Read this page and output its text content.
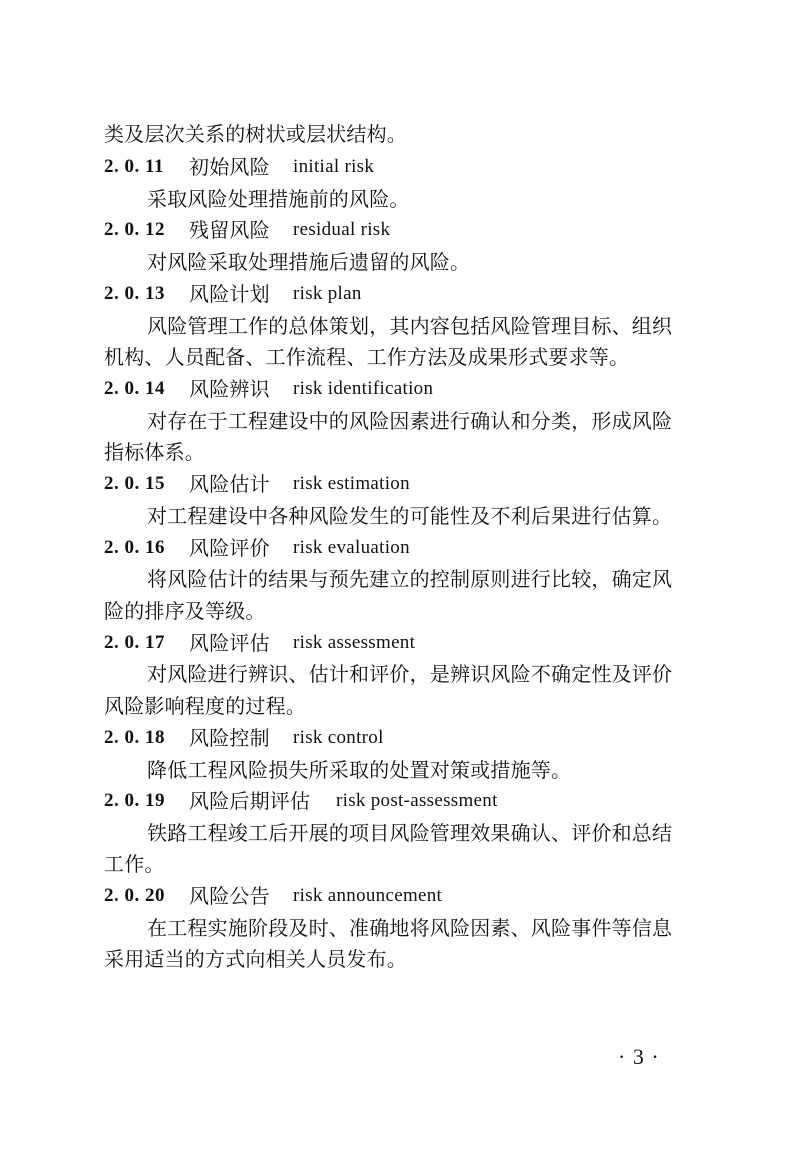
类及层次关系的树状或层状结构。
2. 0. 11 初始风险 initial risk
采取风险处理措施前的风险。
2. 0. 12 残留风险 residual risk
对风险采取处理措施后遗留的风险。
2. 0. 13 风险计划 risk plan
风险管理工作的总体策划，其内容包括风险管理目标、组织
机构、人员配备、工作流程、工作方法及成果形式要求等。
2. 0. 14 风险辨识 risk identification
对存在于工程建设中的风险因素进行确认和分类，形成风险
指标体系。
2. 0. 15 风险估计 risk estimation
对工程建设中各种风险发生的可能性及不利后果进行估算。
2. 0. 16 风险评价 risk evaluation
将风险估计的结果与预先建立的控制原则进行比较，确定风
险的排序及等级。
2. 0. 17 风险评估 risk assessment
对风险进行辨识、估计和评价，是辨识风险不确定性及评价
风险影响程度的过程。
2. 0. 18 风险控制 risk control
降低工程风险损失所采取的处置对策或措施等。
2. 0. 19 风险后期评估 risk post-assessment
铁路工程竣工后开展的项目风险管理效果确认、评价和总结
工作。
2. 0. 20 风险公告 risk announcement
在工程实施阶段及时、准确地将风险因素、风险事件等信息
采用适当的方式向相关人员发布。
· 3 ·
